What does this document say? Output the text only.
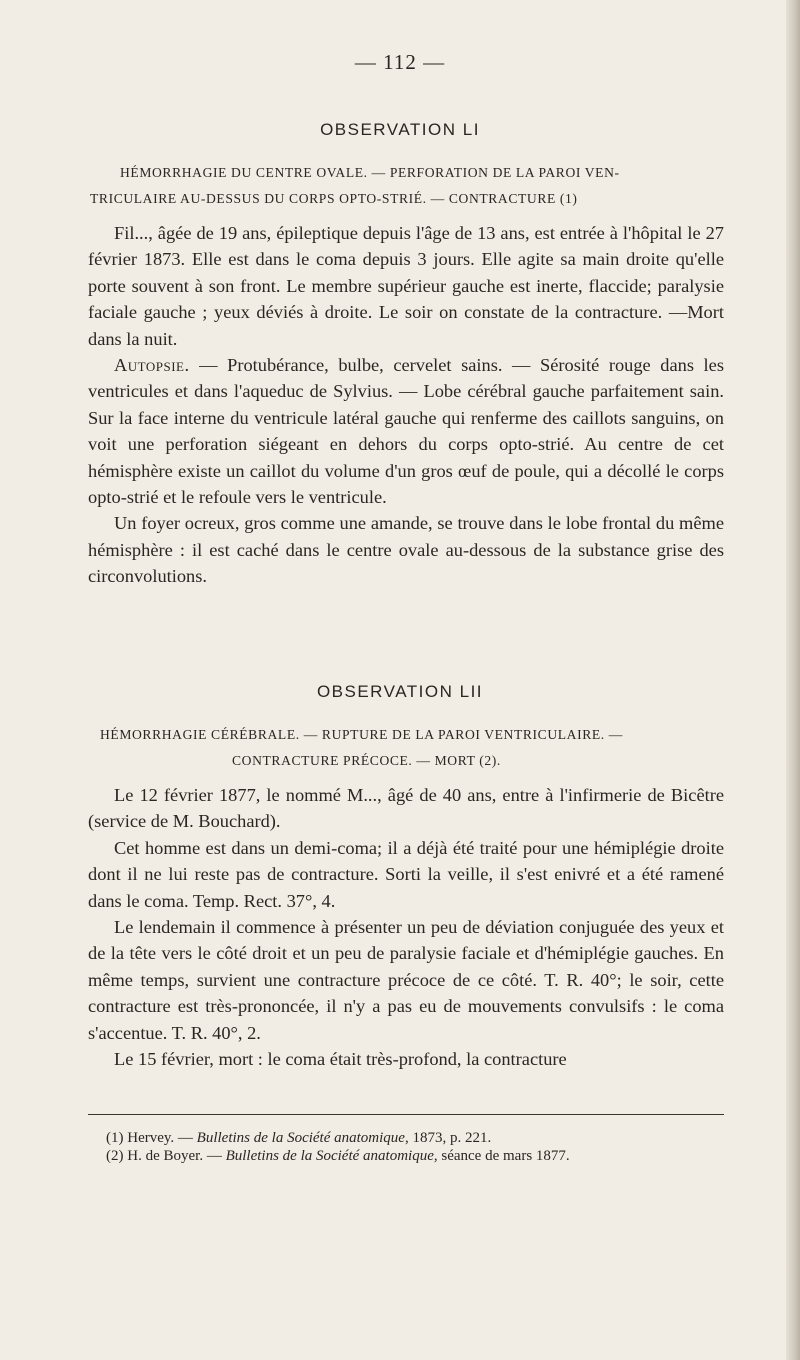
— 112 —
OBSERVATION LI
HÉMORRHAGIE DU CENTRE OVALE. — PERFORATION DE LA PAROI VEN-
TRICULAIRE AU-DESSUS DU CORPS OPTO-STRIÉ. — CONTRACTURE (1)

Fil..., âgée de 19 ans, épileptique depuis l'âge de 13 ans, est entrée à l'hôpital le 27 février 1873. Elle est dans le coma depuis 3 jours. Elle agite sa main droite qu'elle porte souvent à son front. Le membre supérieur gauche est inerte, flaccide; paralysie faciale gauche ; yeux déviés à droite. Le soir on constate de la contracture. —Mort dans la nuit.
Autopsie. — Protubérance, bulbe, cervelet sains. — Sérosité rouge dans les ventricules et dans l'aqueduc de Sylvius. — Lobe cérébral gauche parfaitement sain. Sur la face interne du ventricule latéral gauche qui renferme des caillots sanguins, on voit une perforation siégeant en dehors du corps opto-strié. Au centre de cet hémisphère existe un caillot du volume d'un gros œuf de poule, qui a décollé le corps opto-strié et le refoule vers le ventricule.
Un foyer ocreux, gros comme une amande, se trouve dans le lobe frontal du même hémisphère : il est caché dans le centre ovale au-dessous de la substance grise des circonvolutions.

OBSERVATION LII
HÉMORRHAGIE CÉRÉBRALE. — RUPTURE DE LA PAROI VENTRICULAIRE. —
CONTRACTURE PRÉCOCE. — MORT (2).

Le 12 février 1877, le nommé M..., âgé de 40 ans, entre à l'infirmerie de Bicêtre (service de M. Bouchard).
Cet homme est dans un demi-coma; il a déjà été traité pour une hémiplégie droite dont il ne lui reste pas de contracture. Sorti la veille, il s'est enivré et a été ramené dans le coma. Temp. Rect. 37°, 4.
Le lendemain il commence à présenter un peu de déviation conjuguée des yeux et de la tête vers le côté droit et un peu de paralysie faciale et d'hémiplégie gauches. En même temps, survient une contracture précoce de ce côté. T. R. 40°; le soir, cette contracture est très-prononcée, il n'y a pas eu de mouvements convulsifs : le coma s'accentue. T. R. 40°, 2.
Le 15 février, mort : le coma était très-profond, la contracture

(1) Hervey. — Bulletins de la Société anatomique, 1873, p. 221.

(2) H. de Boyer. — Bulletins de la Société anatomique, séance de mars 1877.
